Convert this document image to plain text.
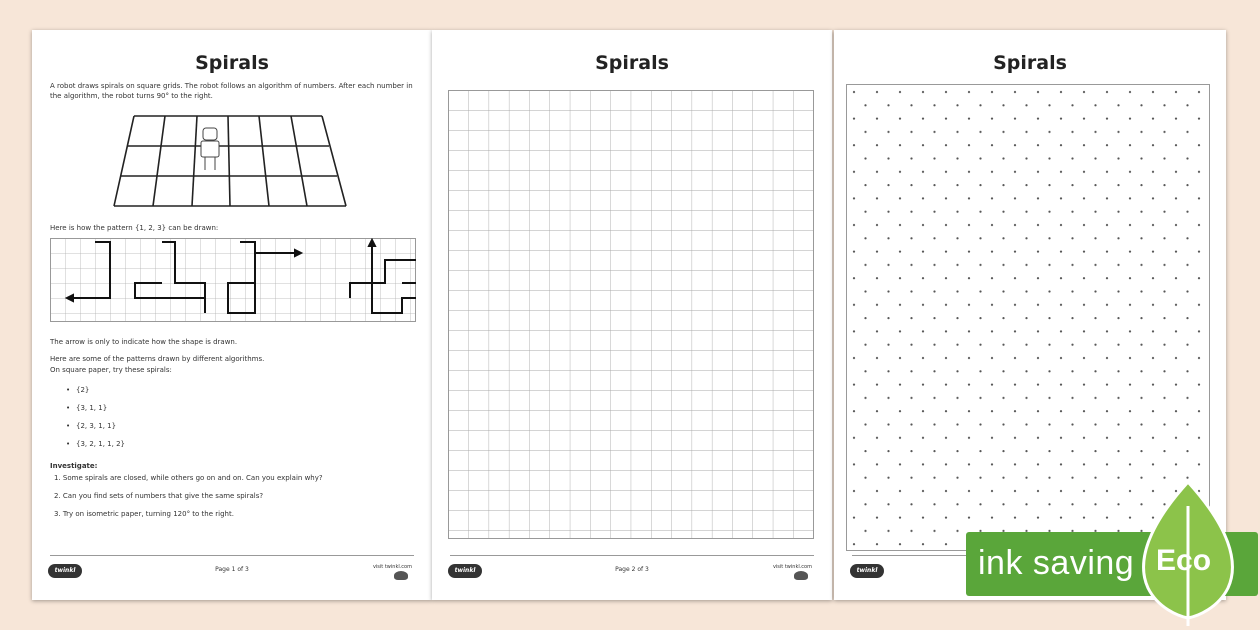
Spirals
A robot draws spirals on square grids. The robot follows an algorithm of numbers. After each number in the algorithm, the robot turns 90° to the right.
Here is how the pattern {1, 2, 3} can be drawn:
The arrow is only to indicate how the shape is drawn.
Here are some of the patterns drawn by different algorithms.
On square paper, try these spirals:
• {2}
• {3, 1, 1}
• {2, 3, 1, 1}
• {3, 2, 1, 1, 2}
Investigate:
1. Some spirals are closed, while others go on and on. Can you explain why?
2. Can you find sets of numbers that give the same spirals?
3. Try on isometric paper, turning 120° to the right.
twinkl	Page 1 of 3	visit twinkl.com
Spirals
twinkl	Page 2 of 3	visit twinkl.com
Spirals
twinkl	ink saving Eco
